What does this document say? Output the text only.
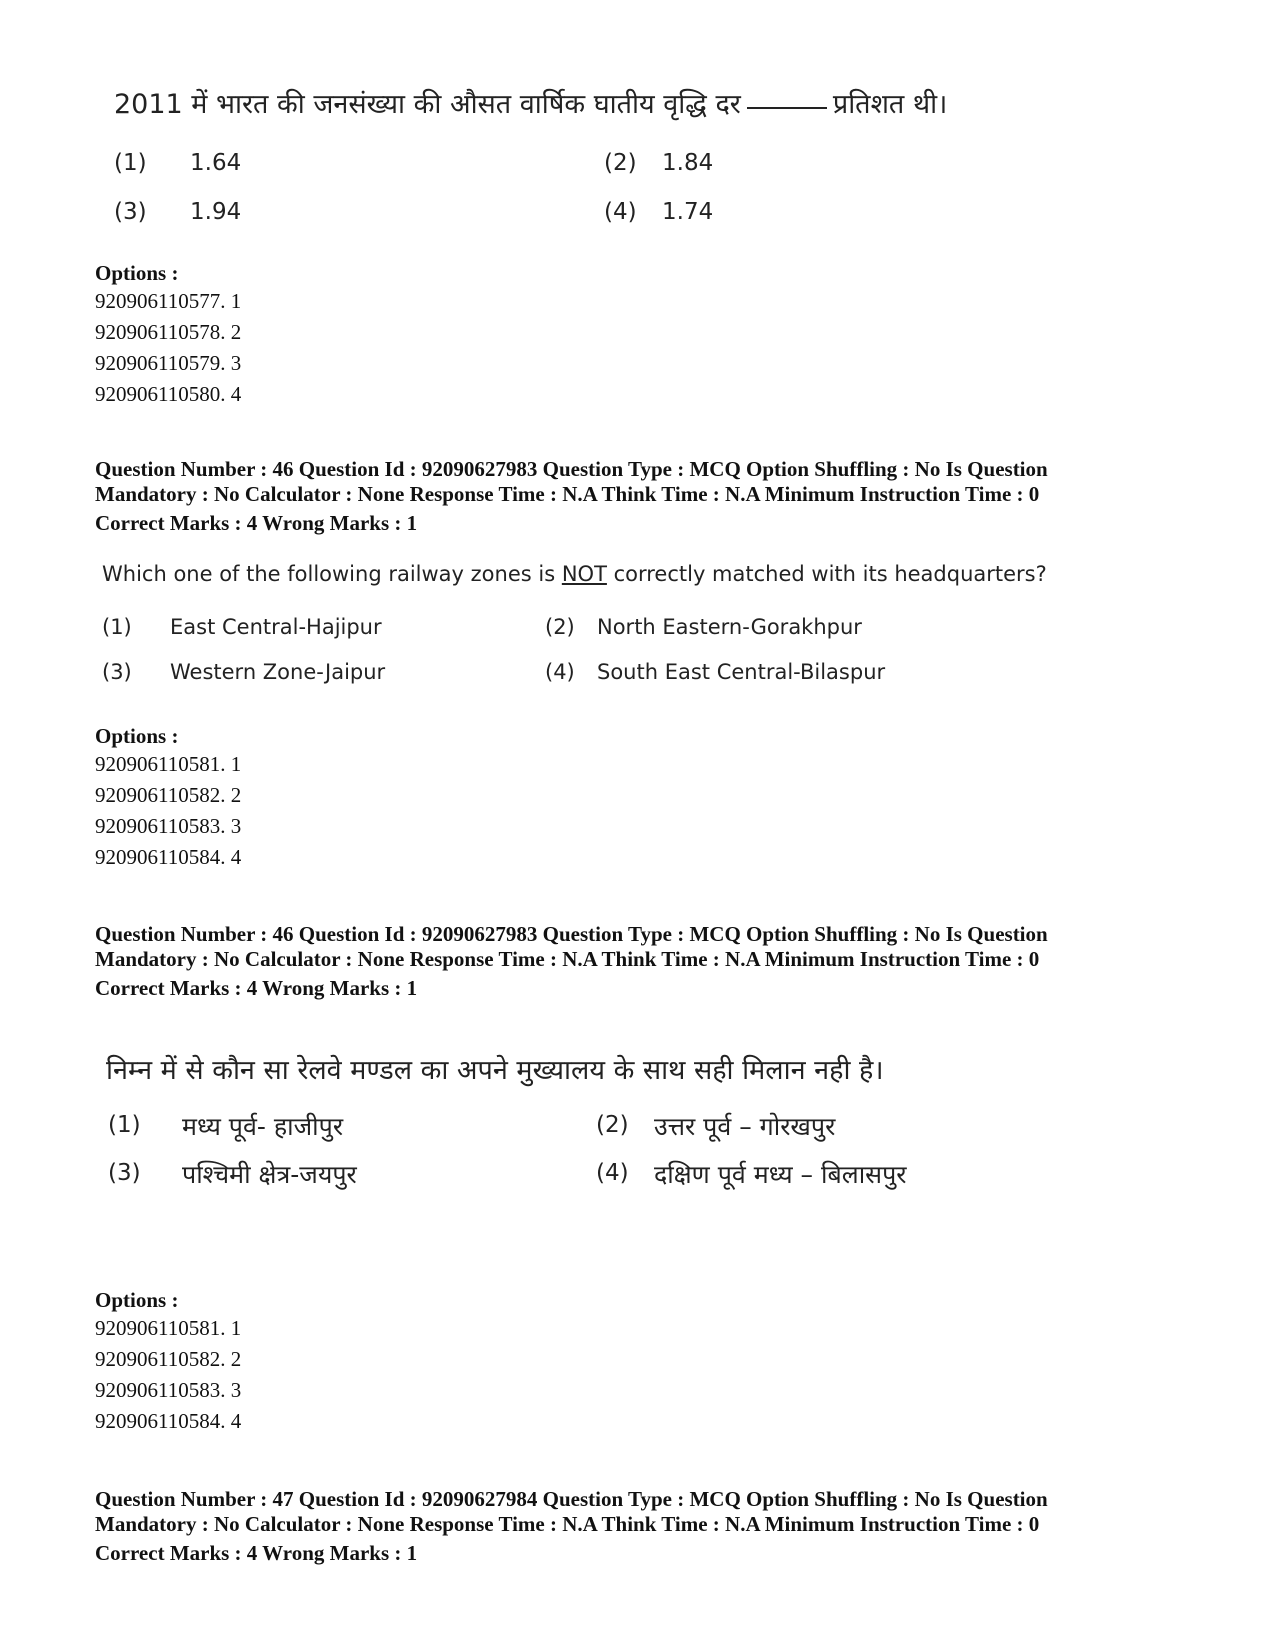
2011 में भारत की जनसंख्या की औसत वार्षिक घातीय वृद्धि दर	प्रतिशत थी।
(1) 1.64	(2) 1.84
(3) 1.94	(4) 1.74
Options :
920906110577. 1
920906110578. 2
920906110579. 3
920906110580. 4
Question Number : 46 Question Id : 92090627983 Question Type : MCQ Option Shuffling : No Is Question
Mandatory : No Calculator : None Response Time : N.A Think Time : N.A Minimum Instruction Time : 0
Correct Marks : 4 Wrong Marks : 1
Which one of the following railway zones is NOT correctly matched with its headquarters?
(1) East Central-Hajipur	(2) North Eastern-Gorakhpur
(3) Western Zone-Jaipur	(4) South East Central-Bilaspur
Options :
920906110581. 1
920906110582. 2
920906110583. 3
920906110584. 4
Question Number : 46 Question Id : 92090627983 Question Type : MCQ Option Shuffling : No Is Question
Mandatory : No Calculator : None Response Time : N.A Think Time : N.A Minimum Instruction Time : 0
Correct Marks : 4 Wrong Marks : 1
निम्न में से कौन सा रेलवे मण्डल का अपने मुख्यालय के साथ सही मिलान नही है।
(1) मध्य पूर्व- हाजीपुर	(2) उत्तर पूर्व – गोरखपुर
(3) पश्चिमी क्षेत्र-जयपुर	(4) दक्षिण पूर्व मध्य – बिलासपुर
Options :
920906110581. 1
920906110582. 2
920906110583. 3
920906110584. 4
Question Number : 47 Question Id : 92090627984 Question Type : MCQ Option Shuffling : No Is Question
Mandatory : No Calculator : None Response Time : N.A Think Time : N.A Minimum Instruction Time : 0
Correct Marks : 4 Wrong Marks : 1
